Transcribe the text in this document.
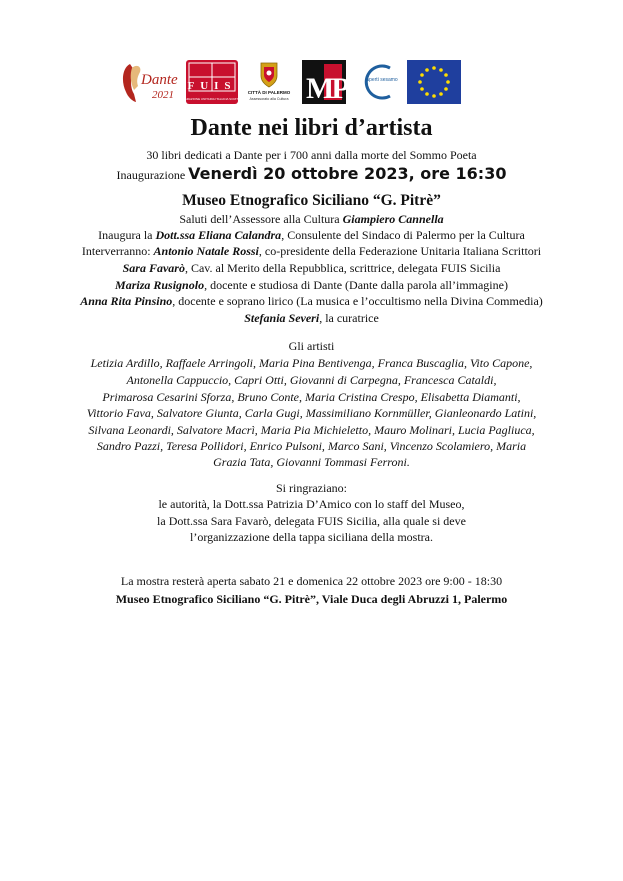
Dante
2021
FUIS
FEDERAZIONE UNITARIA ITALIANA SCRITTORI
CITTÀ DI PALERMO
Assessorato alla Cultura MP	aperti sesamo
Dante nei libri d’artista
30 libri dedicati a Dante per i 700 anni dalla morte del Sommo Poeta
Inaugurazione Venerdì 20 ottobre 2023, ore 16:30
Museo Etnografico Siciliano “G. Pitrè”
Saluti dell’Assessore alla Cultura Giampiero Cannella
Inaugura la Dott.ssa Eliana Calandra, Consulente del Sindaco di Palermo per la Cultura
Interverranno: Antonio Natale Rossi, co-presidente della Federazione Unitaria Italiana Scrittori
Sara Favarò, Cav. al Merito della Repubblica, scrittrice, delegata FUIS Sicilia
Mariza Rusignolo, docente e studiosa di Dante (Dante dalla parola all’immagine)
Anna Rita Pinsino, docente e soprano lirico (La musica e l’occultismo nella Divina Commedia)
Stefania Severi, la curatrice
Gli artisti
Letizia Ardillo, Raffaele Arringoli, Maria Pina Bentivenga, Franca Buscaglia, Vito Capone,
Antonella Cappuccio, Capri Otti, Giovanni di Carpegna, Francesca Cataldi,
Primarosa Cesarini Sforza, Bruno Conte, Maria Cristina Crespo, Elisabetta Diamanti,
Vittorio Fava, Salvatore Giunta, Carla Gugi, Massimiliano Kornmüller, Gianleonardo Latini,
Silvana Leonardi, Salvatore Macrì, Maria Pia Michieletto, Mauro Molinari, Lucia Pagliuca,
Sandro Pazzi, Teresa Pollidori, Enrico Pulsoni, Marco Sani, Vincenzo Scolamiero, Maria
Grazia Tata, Giovanni Tommasi Ferroni.
Si ringraziano:
le autorità, la Dott.ssa Patrizia D’Amico con lo staff del Museo,
la Dott.ssa Sara Favarò, delegata FUIS Sicilia, alla quale si deve
l’organizzazione della tappa siciliana della mostra.
La mostra resterà aperta sabato 21 e domenica 22 ottobre 2023 ore 9:00 - 18:30
Museo Etnografico Siciliano “G. Pitrè”, Viale Duca degli Abruzzi 1, Palermo
